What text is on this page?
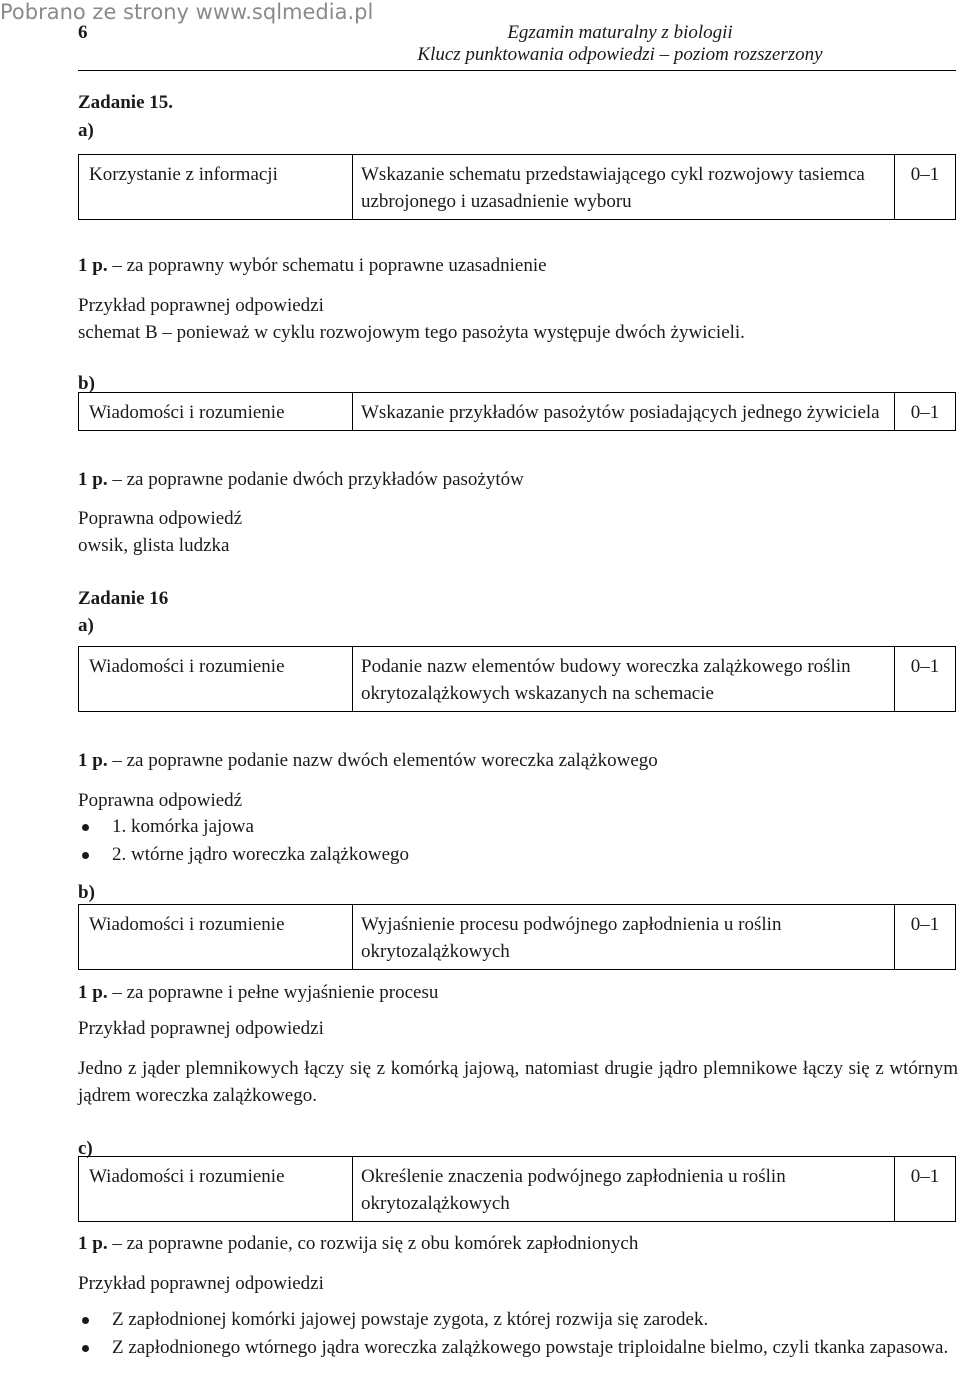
Pobrano ze strony www.sqlmedia.pl
6	Egzamin maturalny z biologii
Klucz punktowania odpowiedzi – poziom rozszerzony
Zadanie 15.
a)
Korzystanie z informacji	Wskazanie schematu przedstawiającego cykl rozwojowy tasiemca uzbrojonego i uzasadnienie wyboru	0–1
1 p. – za poprawny wybór schematu i poprawne uzasadnienie
Przykład poprawnej odpowiedzi
schemat B – ponieważ w cyklu rozwojowym tego pasożyta występuje dwóch żywicieli.
b)
Wiadomości i rozumienie	Wskazanie przykładów pasożytów posiadających jednego żywiciela	0–1
1 p. – za poprawne podanie dwóch przykładów pasożytów
Poprawna odpowiedź
owsik, glista ludzka
Zadanie 16
a)
Wiadomości i rozumienie	Podanie nazw elementów budowy woreczka zalążkowego roślin okrytozalążkowych wskazanych na schemacie	0–1
1 p. – za poprawne podanie nazw dwóch elementów woreczka zalążkowego
Poprawna odpowiedź
1. komórka jajowa
2. wtórne jądro woreczka zalążkowego
b)
Wiadomości i rozumienie	Wyjaśnienie procesu podwójnego zapłodnienia u roślin okrytozalążkowych	0–1
1 p. – za poprawne i pełne wyjaśnienie procesu
Przykład poprawnej odpowiedzi
Jedno z jąder plemnikowych łączy się z komórką jajową, natomiast drugie jądro plemnikowe łączy się z wtórnym jądrem woreczka zalążkowego.
c)
Wiadomości i rozumienie	Określenie znaczenia podwójnego zapłodnienia u roślin okrytozalążkowych	0–1
1 p. – za poprawne podanie, co rozwija się z obu komórek zapłodnionych
Przykład poprawnej odpowiedzi
Z zapłodnionej komórki jajowej powstaje zygota, z której rozwija się zarodek.
Z zapłodnionego wtórnego jądra woreczka zalążkowego powstaje triploidalne bielmo, czyli tkanka zapasowa.
